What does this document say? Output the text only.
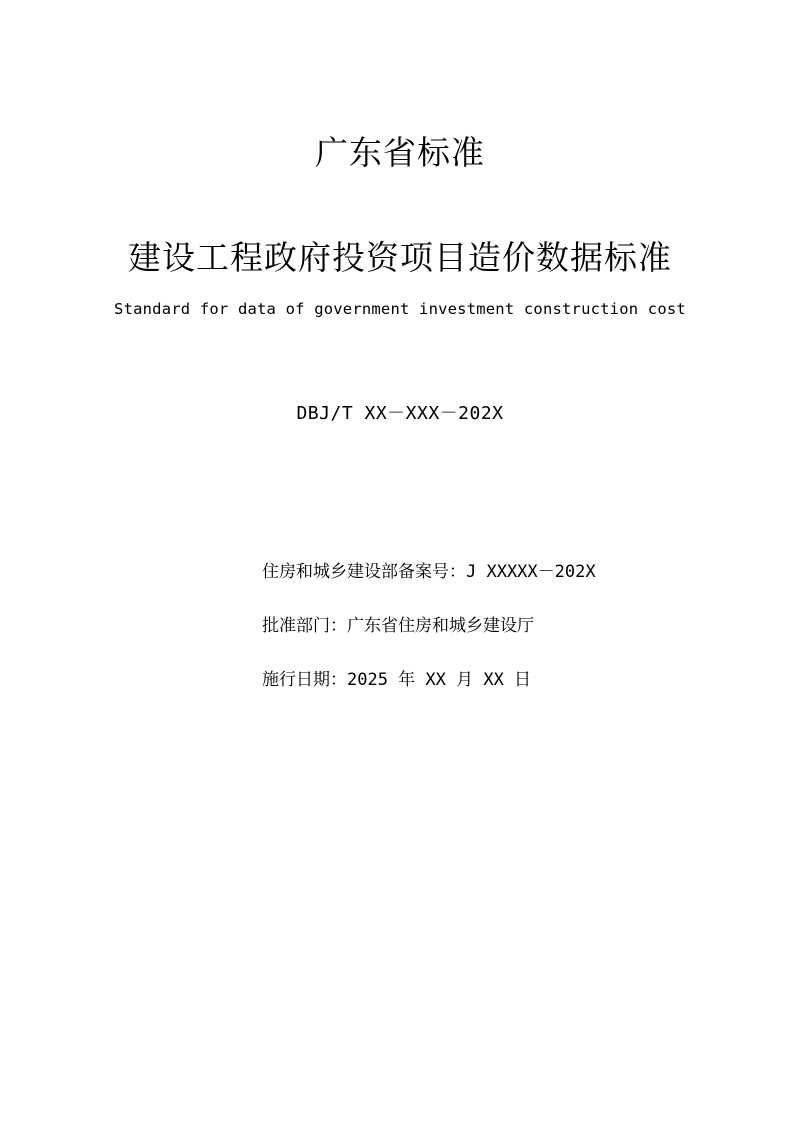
广东省标准
建设工程政府投资项目造价数据标准
Standard for data of government investment construction cost
DBJ/T XX－XXX－202X
住房和城乡建设部备案号：J XXXXX－202X
批准部门：广东省住房和城乡建设厅
施行日期：2025 年 XX 月 XX 日
